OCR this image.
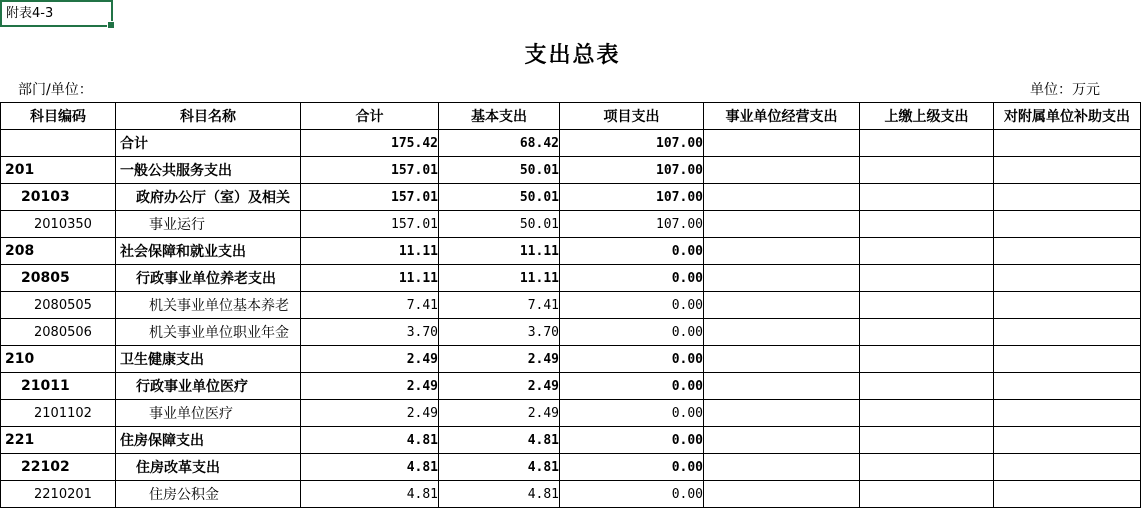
附表4-3
支出总表
部门/单位：	单位：万元
科目编码	科目名称	合计	基本支出	项目支出	事业单位经营支出	上缴上级支出	对附属单位补助支出
	合计	175.42	68.42	107.00			
201	一般公共服务支出	157.01	50.01	107.00			
20103	政府办公厅（室）及相关	157.01	50.01	107.00			
2010350	事业运行	157.01	50.01	107.00			
208	社会保障和就业支出	11.11	11.11	0.00			
20805	行政事业单位养老支出	11.11	11.11	0.00			
2080505	机关事业单位基本养老	7.41	7.41	0.00			
2080506	机关事业单位职业年金	3.70	3.70	0.00			
210	卫生健康支出	2.49	2.49	0.00			
21011	行政事业单位医疗	2.49	2.49	0.00			
2101102	事业单位医疗	2.49	2.49	0.00			
221	住房保障支出	4.81	4.81	0.00			
22102	住房改革支出	4.81	4.81	0.00			
2210201	住房公积金	4.81	4.81	0.00			
